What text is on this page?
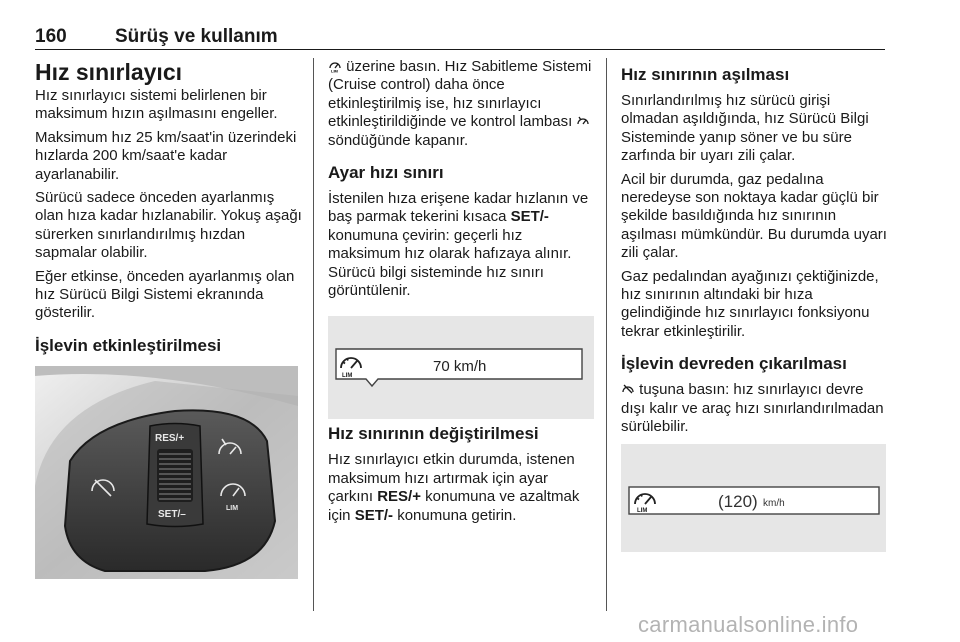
160	Sürüş ve kullanım
Hız sınırlayıcı

Hız sınırlayıcı sistemi belirlenen bir maksimum hızın aşılmasını engeller.

Maksimum hız 25 km/saat'in üzerindeki hızlarda 200 km/saat'e kadar ayarlanabilir.

Sürücü sadece önceden ayarlanmış olan hıza kadar hızlanabilir. Yokuş aşağı sürerken sınırlandırılmış hızdan sapmalar olabilir.

Eğer etkinse, önceden ayarlanmış olan hız Sürücü Bilgi Sistemi ekranında gösterilir.

İşlevin etkinleştirilmesi
RES/+
SET/–
LIM

LIM üzerine basın. Hız Sabitleme Sistemi (Cruise control) daha önce etkinleştirilmiş ise, hız sınırlayıcı etkinleştirildiğinde ve kontrol lambası  söndüğünde kapanır.

Ayar hızı sınırı

İstenilen hıza erişene kadar hızlanın ve baş parmak tekerini kısaca SET/- konumuna çevirin: geçerli hız maksimum hız olarak hafızaya alınır. Sürücü bilgi sisteminde hız sınırı görüntülenir.

Hız sınırının değiştirilmesi

Hız sınırlayıcı etkin durumda, istenen maksimum hızı artırmak için ayar çarkını RES/+ konumuna ve azaltmak için SET/- konumuna getirin.

LIM
70 km/h
Hız sınırının aşılması

Sınırlandırılmış hız sürücü girişi olmadan aşıldığında, hız Sürücü Bilgi Sisteminde yanıp söner ve bu süre zarfında bir uyarı zili çalar.

Acil bir durumda, gaz pedalına neredeyse son noktaya kadar güçlü bir şekilde basıldığında hız sınırının aşılması mümkündür. Bu durumda uyarı zili çalar.

Gaz pedalından ayağınızı çektiğinizde, hız sınırının altındaki bir hıza gelindiğinde hız sınırlayıcı fonksiyonu tekrar etkinleştirilir.

İşlevin devreden çıkarılması

tuşuna basın: hız sınırlayıcı devre dışı kalır ve araç hızı sınırlandırılmadan sürülebilir.

LIM	(120) km/h
carmanualsonline.info
